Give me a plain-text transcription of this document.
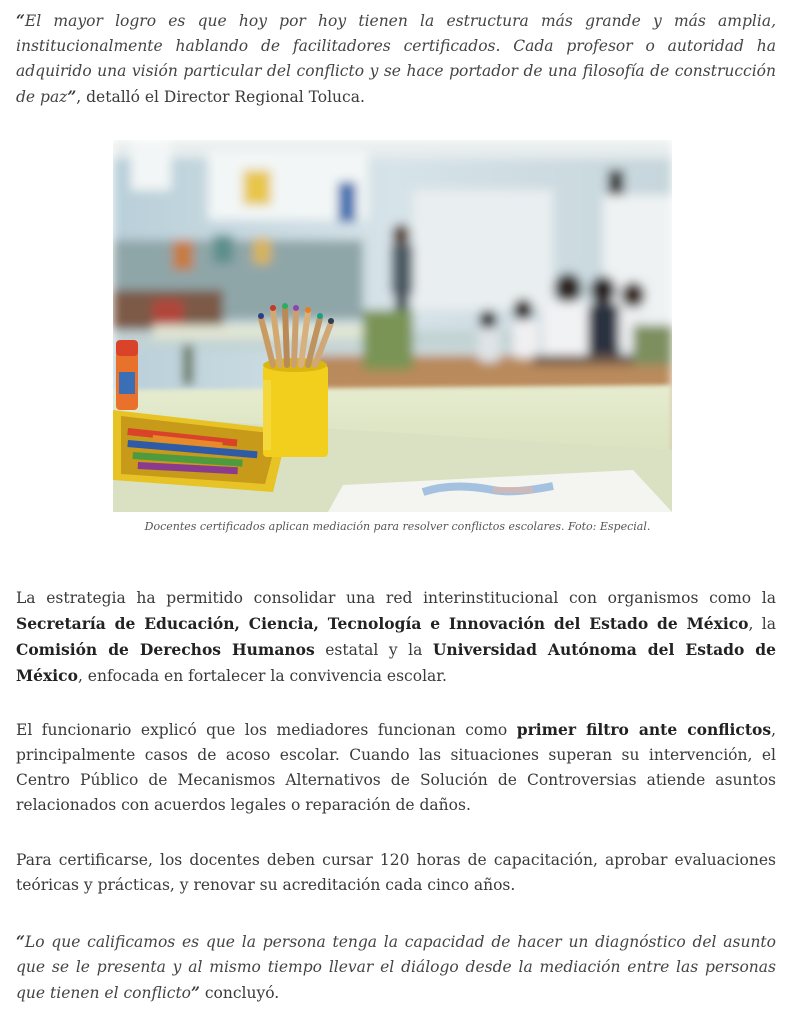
“El mayor logro es que hoy por hoy tienen la estructura más grande y más amplia, institucionalmente hablando de facilitadores certificados. Cada profesor o autoridad ha adquirido una visión particular del conflicto y se hace portador de una filosofía de construcción de paz”, detalló el Director Regional Toluca.

Docentes certificados aplican mediación para resolver conflictos escolares. Foto: Especial.

La estrategia ha permitido consolidar una red interinstitucional con organismos como la Secretaría de Educación, Ciencia, Tecnología e Innovación del Estado de México, la Comisión de Derechos Humanos estatal y la Universidad Autónoma del Estado de México, enfocada en fortalecer la convivencia escolar.

El funcionario explicó que los mediadores funcionan como primer filtro ante conflictos, principalmente casos de acoso escolar. Cuando las situaciones superan su intervención, el Centro Público de Mecanismos Alternativos de Solución de Controversias atiende asuntos relacionados con acuerdos legales o reparación de daños.

Para certificarse, los docentes deben cursar 120 horas de capacitación, aprobar evaluaciones teóricas y prácticas, y renovar su acreditación cada cinco años.

“Lo que calificamos es que la persona tenga la capacidad de hacer un diagnóstico del asunto que se le presenta y al mismo tiempo llevar el diálogo desde la mediación entre las personas que tienen el conflicto” concluyó.
